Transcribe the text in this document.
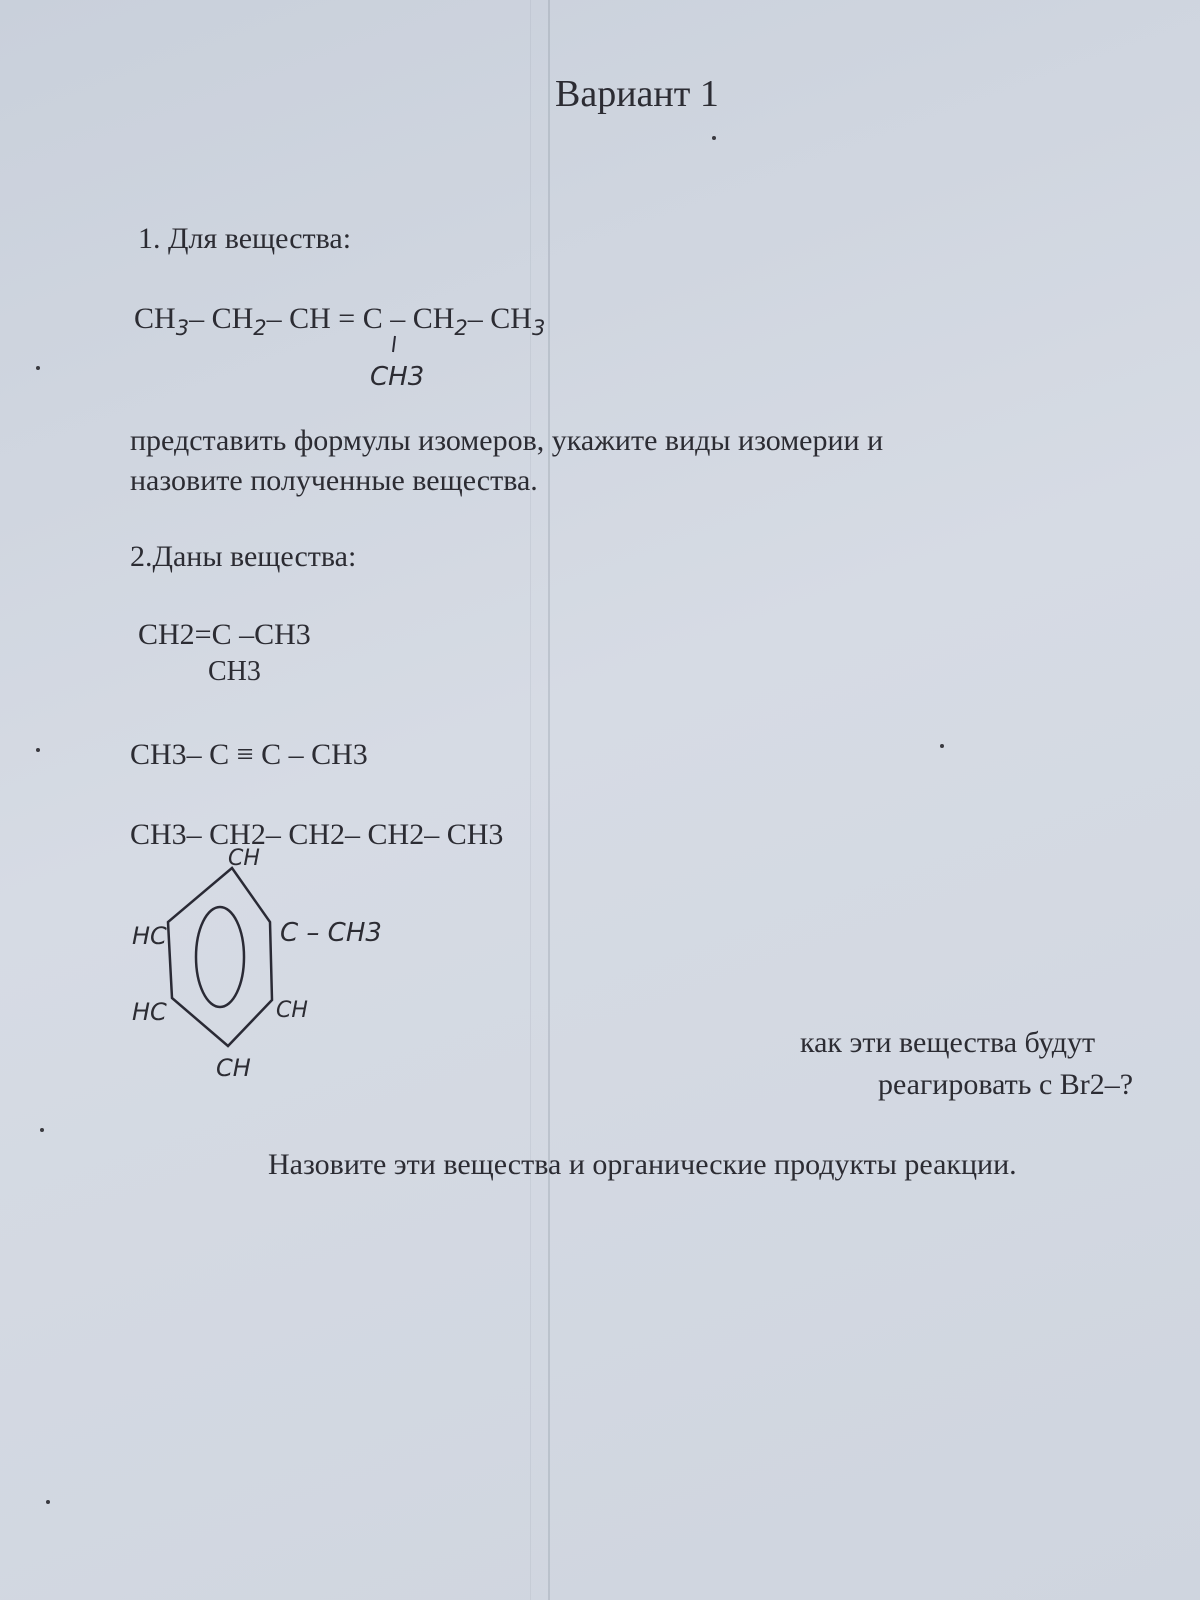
Вариант 1
1. Для вещества:
$CH_3-$ $CH_2-$ CH = C – $CH_2-$ $CH_3$
CH3
представить формулы изомеров, укажите виды изомерии и
назовите полученные вещества.
2.Даны вещества:
CH2=C –CH3
CH3
CH3– C ≡ C – CH3
CH3– CH2– CH2– CH2– CH3
CH
HC
HC
C – CH3
CH
CH
как эти вещества будут
реагировать с Br2–?
Назовите эти вещества и органические продукты реакции.
